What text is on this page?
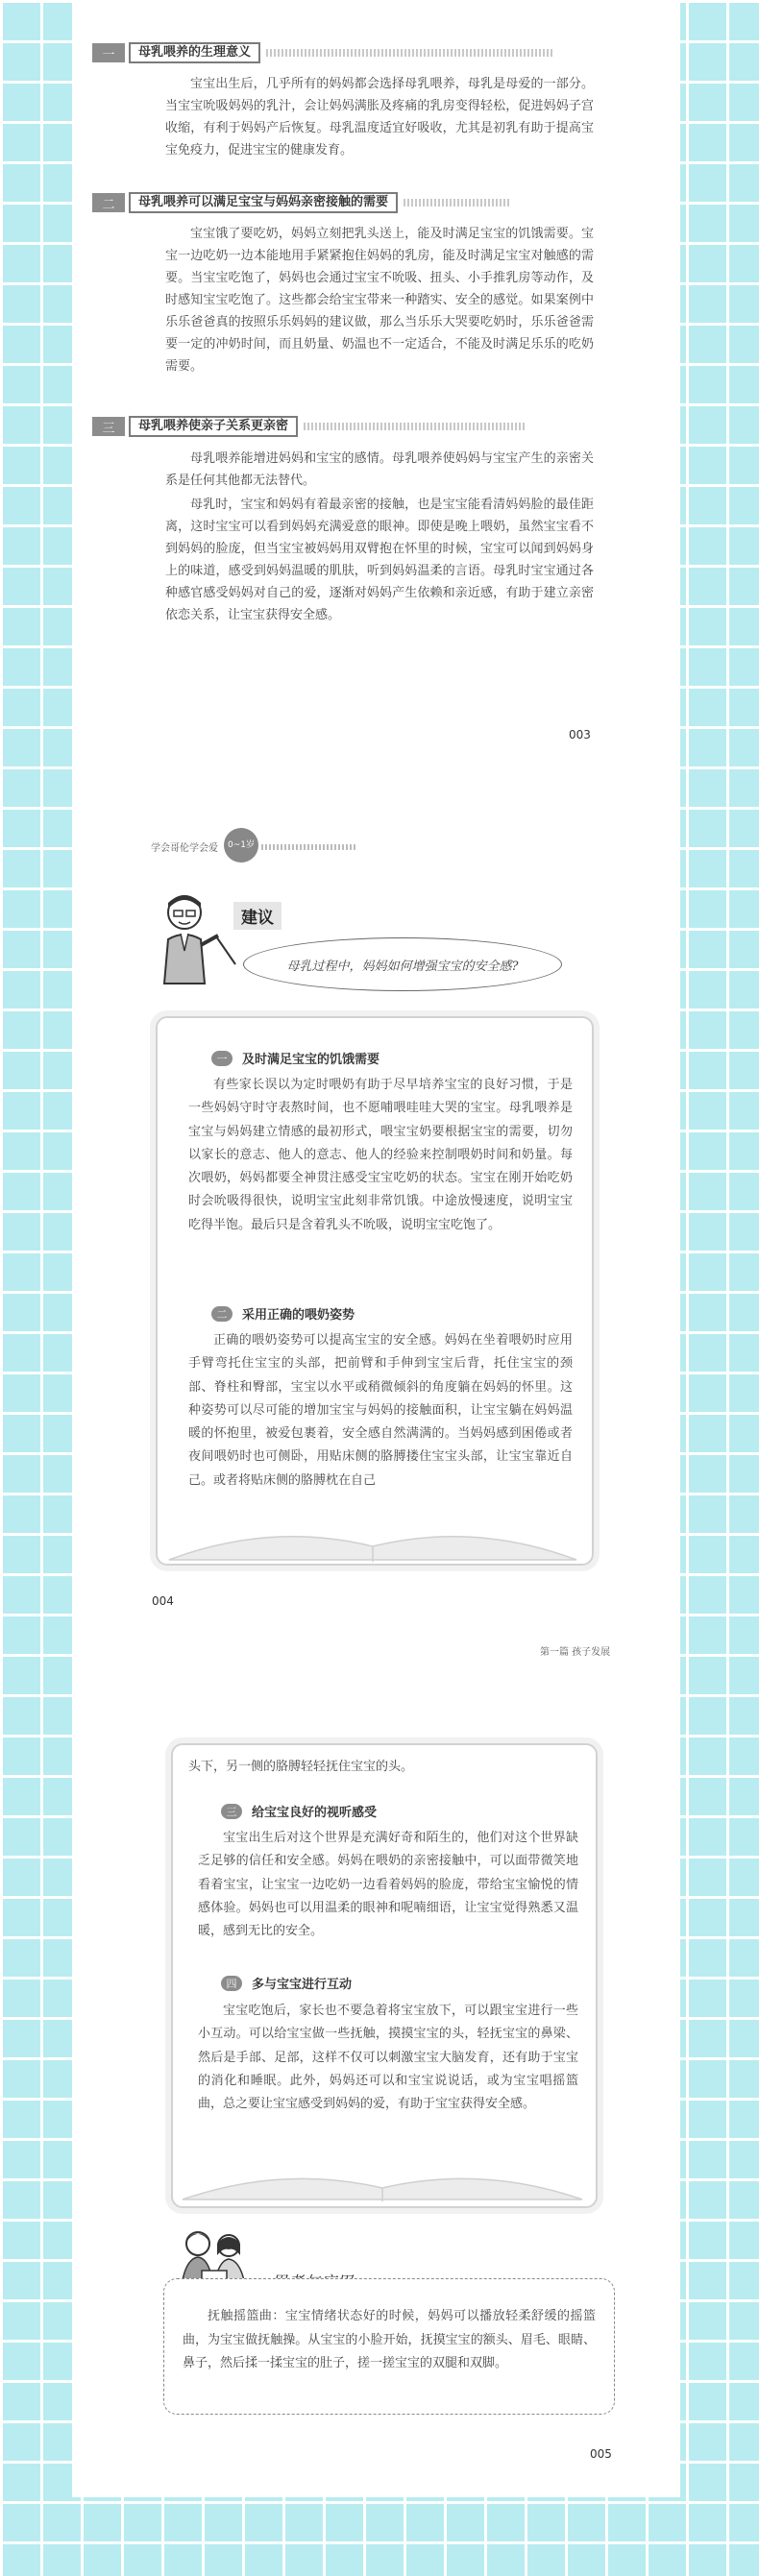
一	母乳喂养的生理意义

宝宝出生后，几乎所有的妈妈都会选择母乳喂养，母乳是母爱的一部分。当宝宝吮吸妈妈的乳汁，会让妈妈满胀及疼痛的乳房变得轻松，促进妈妈子宫收缩，有利于妈妈产后恢复。母乳温度适宜好吸收，尤其是初乳有助于提高宝宝免疫力，促进宝宝的健康发育。

二	母乳喂养可以满足宝宝与妈妈亲密接触的需要

宝宝饿了要吃奶，妈妈立刻把乳头送上，能及时满足宝宝的饥饿需要。宝宝一边吃奶一边本能地用手紧紧抱住妈妈的乳房，能及时满足宝宝对触感的需要。当宝宝吃饱了，妈妈也会通过宝宝不吮吸、扭头、小手推乳房等动作，及时感知宝宝吃饱了。这些都会给宝宝带来一种踏实、安全的感觉。如果案例中乐乐爸爸真的按照乐乐妈妈的建议做，那么当乐乐大哭要吃奶时，乐乐爸爸需要一定的冲奶时间，而且奶量、奶温也不一定适合，不能及时满足乐乐的吃奶需要。

三	母乳喂养使亲子关系更亲密

母乳喂养能增进妈妈和宝宝的感情。母乳喂养使妈妈与宝宝产生的亲密关系是任何其他都无法替代。

母乳时，宝宝和妈妈有着最亲密的接触，也是宝宝能看清妈妈脸的最佳距离，这时宝宝可以看到妈妈充满爱意的眼神。即使是晚上喂奶，虽然宝宝看不到妈妈的脸庞，但当宝宝被妈妈用双臂抱在怀里的时候，宝宝可以闻到妈妈身上的味道，感受到妈妈温暖的肌肤，听到妈妈温柔的言语。母乳时宝宝通过各种感官感受妈妈对自己的爱，逐渐对妈妈产生依赖和亲近感，有助于建立亲密依恋关系，让宝宝获得安全感。

003
学会哥伦学会爱 0~1岁
建议
母乳过程中，妈妈如何增强宝宝的安全感?
一	及时满足宝宝的饥饿需要

有些家长误以为定时喂奶有助于尽早培养宝宝的良好习惯，于是一些妈妈守时守表熬时间，也不愿哺喂哇哇大哭的宝宝。母乳喂养是宝宝与妈妈建立情感的最初形式，喂宝宝奶要根据宝宝的需要，切勿以家长的意志、他人的意志、他人的经验来控制喂奶时间和奶量。每次喂奶，妈妈都要全神贯注感受宝宝吃奶的状态。宝宝在刚开始吃奶时会吮吸得很快，说明宝宝此刻非常饥饿。中途放慢速度，说明宝宝吃得半饱。最后只是含着乳头不吮吸，说明宝宝吃饱了。

二	采用正确的喂奶姿势

正确的喂奶姿势可以提高宝宝的安全感。妈妈在坐着喂奶时应用手臂弯托住宝宝的头部，把前臂和手伸到宝宝后背，托住宝宝的颈部、脊柱和臀部，宝宝以水平或稍微倾斜的角度躺在妈妈的怀里。这种姿势可以尽可能的增加宝宝与妈妈的接触面积，让宝宝躺在妈妈温暖的怀抱里，被爱包裹着，安全感自然满满的。当妈妈感到困倦或者夜间喂奶时也可侧卧，用贴床侧的胳膊搂住宝宝头部，让宝宝靠近自己。或者将贴床侧的胳膊枕在自己

004
第一篇 孩子发展

头下，另一侧的胳膊轻轻抚住宝宝的头。

三	给宝宝良好的视听感受

宝宝出生后对这个世界是充满好奇和陌生的，他们对这个世界缺乏足够的信任和安全感。妈妈在喂奶的亲密接触中，可以面带微笑地看着宝宝，让宝宝一边吃奶一边看着妈妈的脸庞，带给宝宝愉悦的情感体验。妈妈也可以用温柔的眼神和呢喃细语，让宝宝觉得熟悉又温暖，感到无比的安全。

四	多与宝宝进行互动

宝宝吃饱后，家长也不要急着将宝宝放下，可以跟宝宝进行一些小互动。可以给宝宝做一些抚触，摸摸宝宝的头，轻抚宝宝的鼻梁、然后是手部、足部，这样不仅可以刺激宝宝大脑发育，还有助于宝宝的消化和睡眠。此外，妈妈还可以和宝宝说说话，或为宝宝唱摇篮曲，总之要让宝宝感受到妈妈的爱，有助于宝宝获得安全感。

抚触摇篮曲：宝宝情绪状态好的时候，妈妈可以播放轻柔舒缓的摇篮曲，为宝宝做抚触操。从宝宝的小脸开始，抚摸宝宝的额头、眉毛、眼睛、鼻子，然后揉一揉宝宝的肚子，搓一搓宝宝的双腿和双脚。

005
